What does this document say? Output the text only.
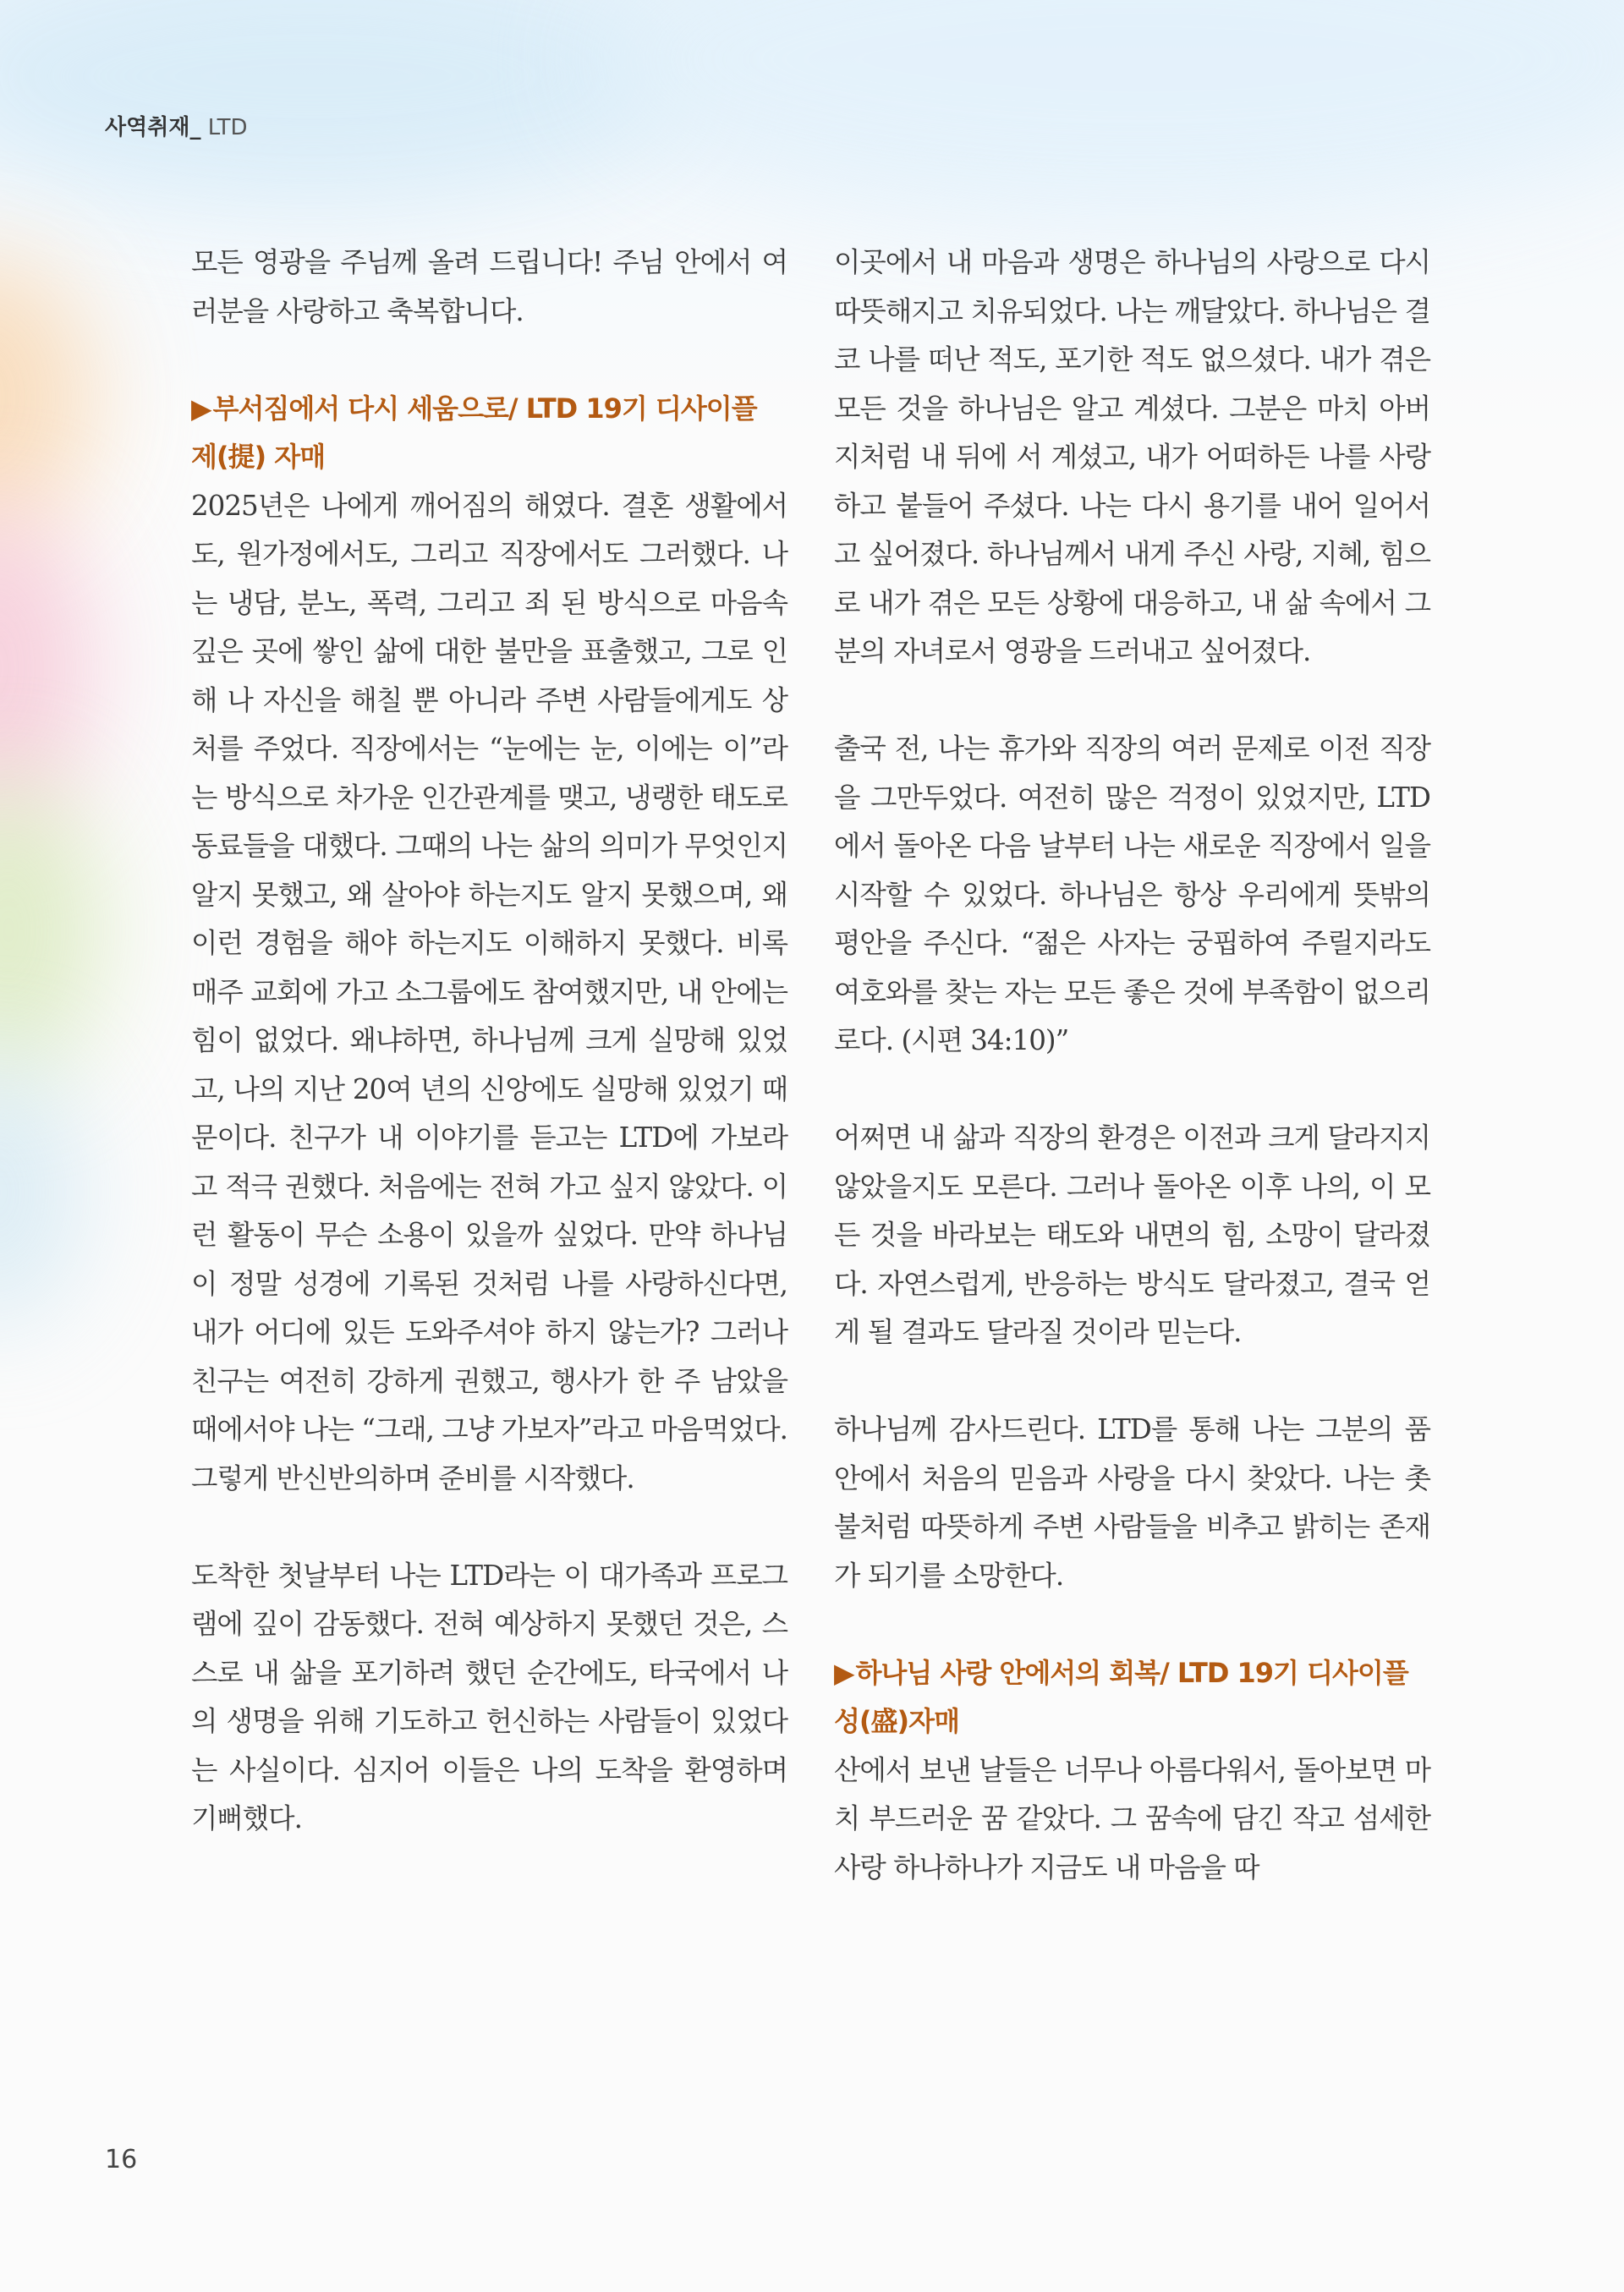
사역취재_ LTD

모든 영광을 주님께 올려 드립니다! 주님 안에서 여러분을 사랑하고 축복합니다.

▶부서짐에서 다시 세움으로/ LTD 19기 디사이플 제(提) 자매

2025년은 나에게 깨어짐의 해였다. 결혼 생활에서도, 원가정에서도, 그리고 직장에서도 그러했다. 나는 냉담, 분노, 폭력, 그리고 죄 된 방식으로 마음속 깊은 곳에 쌓인 삶에 대한 불만을 표출했고, 그로 인해 나 자신을 해칠 뿐 아니라 주변 사람들에게도 상처를 주었다. 직장에서는 “눈에는 눈, 이에는 이”라는 방식으로 차가운 인간관계를 맺고, 냉랭한 태도로 동료들을 대했다. 그때의 나는 삶의 의미가 무엇인지 알지 못했고, 왜 살아야 하는지도 알지 못했으며, 왜 이런 경험을 해야 하는지도 이해하지 못했다. 비록 매주 교회에 가고 소그룹에도 참여했지만, 내 안에는 힘이 없었다. 왜냐하면, 하나님께 크게 실망해 있었고, 나의 지난 20여 년의 신앙에도 실망해 있었기 때문이다. 친구가 내 이야기를 듣고는 LTD에 가보라고 적극 권했다. 처음에는 전혀 가고 싶지 않았다. 이런 활동이 무슨 소용이 있을까 싶었다. 만약 하나님이 정말 성경에 기록된 것처럼 나를 사랑하신다면, 내가 어디에 있든 도와주셔야 하지 않는가? 그러나 친구는 여전히 강하게 권했고, 행사가 한 주 남았을 때에서야 나는 “그래, 그냥 가보자”라고 마음먹었다. 그렇게 반신반의하며 준비를 시작했다.

도착한 첫날부터 나는 LTD라는 이 대가족과 프로그램에 깊이 감동했다. 전혀 예상하지 못했던 것은, 스스로 내 삶을 포기하려 했던 순간에도, 타국에서 나의 생명을 위해 기도하고 헌신하는 사람들이 있었다는 사실이다. 심지어 이들은 나의 도착을 환영하며 기뻐했다.

이곳에서 내 마음과 생명은 하나님의 사랑으로 다시 따뜻해지고 치유되었다. 나는 깨달았다. 하나님은 결코 나를 떠난 적도, 포기한 적도 없으셨다. 내가 겪은 모든 것을 하나님은 알고 계셨다. 그분은 마치 아버지처럼 내 뒤에 서 계셨고, 내가 어떠하든 나를 사랑하고 붙들어 주셨다. 나는 다시 용기를 내어 일어서고 싶어졌다. 하나님께서 내게 주신 사랑, 지혜, 힘으로 내가 겪은 모든 상황에 대응하고, 내 삶 속에서 그분의 자녀로서 영광을 드러내고 싶어졌다.

출국 전, 나는 휴가와 직장의 여러 문제로 이전 직장을 그만두었다. 여전히 많은 걱정이 있었지만, LTD에서 돌아온 다음 날부터 나는 새로운 직장에서 일을 시작할 수 있었다. 하나님은 항상 우리에게 뜻밖의 평안을 주신다. “젊은 사자는 궁핍하여 주릴지라도 여호와를 찾는 자는 모든 좋은 것에 부족함이 없으리로다. (시편 34:10)”

어쩌면 내 삶과 직장의 환경은 이전과 크게 달라지지 않았을지도 모른다. 그러나 돌아온 이후 나의, 이 모든 것을 바라보는 태도와 내면의 힘, 소망이 달라졌다. 자연스럽게, 반응하는 방식도 달라졌고, 결국 얻게 될 결과도 달라질 것이라 믿는다.

하나님께 감사드린다. LTD를 통해 나는 그분의 품 안에서 처음의 믿음과 사랑을 다시 찾았다. 나는 촛불처럼 따뜻하게 주변 사람들을 비추고 밝히는 존재가 되기를 소망한다.

▶하나님 사랑 안에서의 회복/ LTD 19기 디사이플 성(盛)자매

산에서 보낸 날들은 너무나 아름다워서, 돌아보면 마치 부드러운 꿈 같았다. 그 꿈속에 담긴 작고 섬세한 사랑 하나하나가 지금도 내 마음을 따

16
